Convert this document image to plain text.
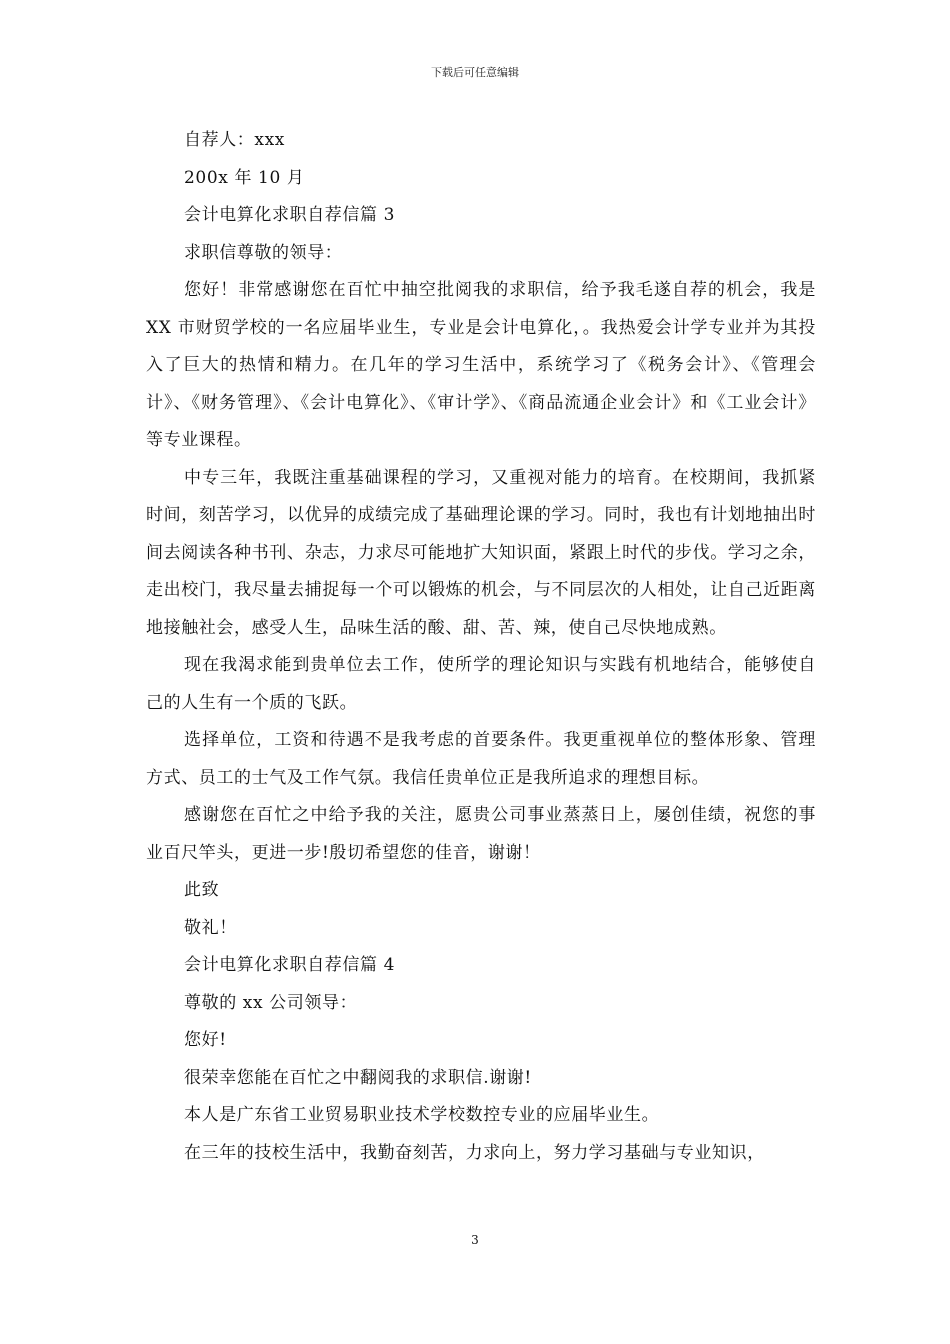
下载后可任意编辑

自荐人：xxx

200x 年 10 月

会计电算化求职自荐信篇 3

求职信尊敬的领导：

您好！非常感谢您在百忙中抽空批阅我的求职信，给予我毛遂自荐的机会，我是 XX 市财贸学校的一名应届毕业生，专业是会计电算化，。我热爱会计学专业并为其投入了巨大的热情和精力。在几年的学习生活中，系统学习了《税务会计》、《管理会计》、《财务管理》、《会计电算化》、《审计学》、《商品流通企业会计》和《工业会计》等专业课程。

中专三年，我既注重基础课程的学习，又重视对能力的培育。在校期间，我抓紧时间，刻苦学习，以优异的成绩完成了基础理论课的学习。同时，我也有计划地抽出时间去阅读各种书刊、杂志，力求尽可能地扩大知识面，紧跟上时代的步伐。学习之余，走出校门，我尽量去捕捉每一个可以锻炼的机会，与不同层次的人相处，让自己近距离地接触社会，感受人生，品味生活的酸、甜、苦、辣，使自己尽快地成熟。

现在我渴求能到贵单位去工作，使所学的理论知识与实践有机地结合，能够使自己的人生有一个质的飞跃。

选择单位，工资和待遇不是我考虑的首要条件。我更重视单位的整体形象、管理方式、员工的士气及工作气氛。我信任贵单位正是我所追求的理想目标。

感谢您在百忙之中给予我的关注，愿贵公司事业蒸蒸日上，屡创佳绩，祝您的事业百尺竿头，更进一步!殷切希望您的佳音，谢谢！

此致

敬礼！

会计电算化求职自荐信篇 4

尊敬的 xx 公司领导：

您好!

很荣幸您能在百忙之中翻阅我的求职信.谢谢!

本人是广东省工业贸易职业技术学校数控专业的应届毕业生。

在三年的技校生活中，我勤奋刻苦，力求向上，努力学习基础与专业知识，

3
